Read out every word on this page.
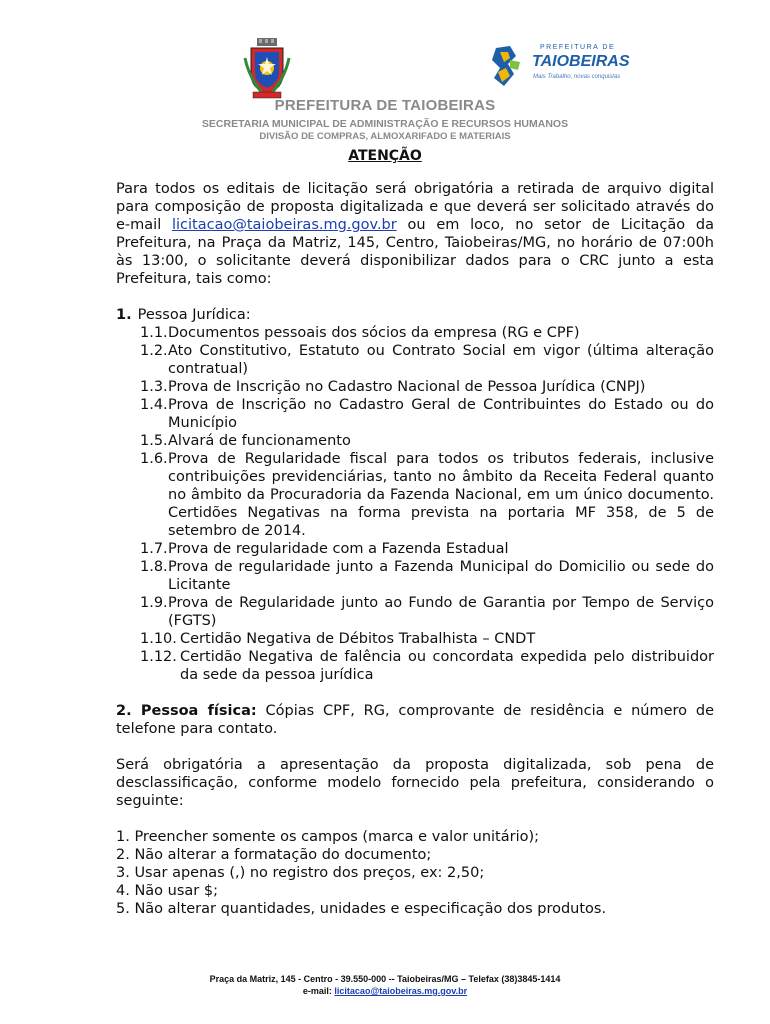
PREFEITURA DE
TAIOBEIRAS
Mais Trabalho, novas conquistas
PREFEITURA DE TAIOBEIRAS
SECRETARIA MUNICIPAL DE ADMINISTRAÇÃO E RECURSOS HUMANOS
DIVISÃO DE COMPRAS, ALMOXARIFADO E MATERIAIS
ATENÇÃO

Para todos os editais de licitação será obrigatória a retirada de arquivo digital para composição de proposta digitalizada e que deverá ser solicitado através do e-mail licitacao@taiobeiras.mg.gov.br ou em loco, no setor de Licitação da Prefeitura, na Praça da Matriz, 145, Centro, Taiobeiras/MG, no horário de 07:00h às 13:00, o solicitante deverá disponibilizar dados para o CRC junto a esta Prefeitura, tais como:

1. Pessoa Jurídica:

1.1. Documentos pessoais dos sócios da empresa (RG e CPF)
1.2. Ato Constitutivo, Estatuto ou Contrato Social em vigor (última alteração contratual)
1.3. Prova de Inscrição no Cadastro Nacional de Pessoa Jurídica (CNPJ)
1.4. Prova de Inscrição no Cadastro Geral de Contribuintes do Estado ou do Município
1.5. Alvará de funcionamento
1.6. Prova de Regularidade fiscal para todos os tributos federais, inclusive contribuições previdenciárias, tanto no âmbito da Receita Federal quanto no âmbito da Procuradoria da Fazenda Nacional, em um único documento. Certidões Negativas na forma prevista na portaria MF 358, de 5 de setembro de 2014.
1.7. Prova de regularidade com a Fazenda Estadual
1.8. Prova de regularidade junto a Fazenda Municipal do Domicilio ou sede do Licitante
1.9. Prova de Regularidade junto ao Fundo de Garantia por Tempo de Serviço (FGTS)
1.10. Certidão Negativa de Débitos Trabalhista – CNDT
1.12. Certidão Negativa de falência ou concordata expedida pelo distribuidor da sede da pessoa jurídica

2. Pessoa física: Cópias CPF, RG, comprovante de residência e número de telefone para contato.

Será obrigatória a apresentação da proposta digitalizada, sob pena de desclassificação, conforme modelo fornecido pela prefeitura, considerando o seguinte:

1. Preencher somente os campos (marca e valor unitário);
2. Não alterar a formatação do documento;
3. Usar apenas (,) no registro dos preços, ex: 2,50;
4. Não usar $;
5. Não alterar quantidades, unidades e especificação dos produtos.
Praça da Matriz, 145 - Centro - 39.550-000 -- Taiobeiras/MG – Telefax (38)3845-1414
e-mail: licitacao@taiobeiras.mg.gov.br
